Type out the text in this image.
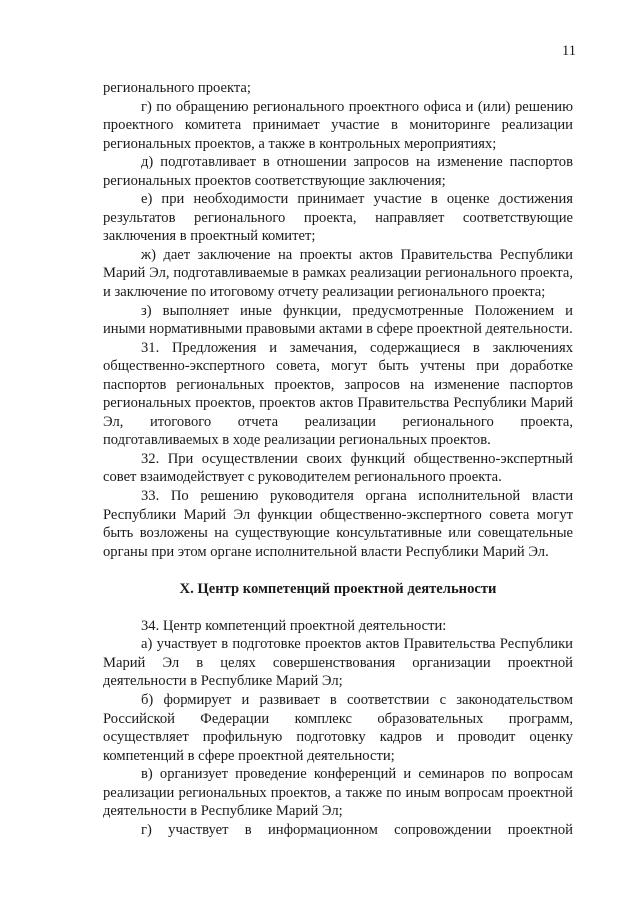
11

регионального проекта;

г) по обращению регионального проектного офиса и (или) решению проектного комитета принимает участие в мониторинге реализации региональных проектов, а также в контрольных мероприятиях;

д) подготавливает в отношении запросов на изменение паспортов региональных проектов соответствующие заключения;

е) при необходимости принимает участие в оценке достижения результатов регионального проекта, направляет соответствующие заключения в проектный комитет;

ж) дает заключение на проекты актов Правительства Республики Марий Эл, подготавливаемые в рамках реализации регионального проекта, и заключение по итоговому отчету реализации регионального проекта;

з) выполняет иные функции, предусмотренные Положением и иными нормативными правовыми актами в сфере проектной деятельности.

31. Предложения и замечания, содержащиеся в заключениях общественно-экспертного совета, могут быть учтены при доработке паспортов региональных проектов, запросов на изменение паспортов региональных проектов, проектов актов Правительства Республики Марий Эл, итогового отчета реализации регионального проекта, подготавливаемых в ходе реализации региональных проектов.

32. При осуществлении своих функций общественно-экспертный совет взаимодействует с руководителем регионального проекта.

33. По решению руководителя органа исполнительной власти Республики Марий Эл функции общественно-экспертного совета могут быть возложены на существующие консультативные или совещательные органы при этом органе исполнительной власти Республики Марий Эл.

X. Центр компетенций проектной деятельности

34. Центр компетенций проектной деятельности:

а) участвует в подготовке проектов актов Правительства Республики Марий Эл в целях совершенствования организации проектной деятельности в Республике Марий Эл;

б) формирует и развивает в соответствии с законодательством Российской Федерации комплекс образовательных программ, осуществляет профильную подготовку кадров и проводит оценку компетенций в сфере проектной деятельности;

в) организует проведение конференций и семинаров по вопросам реализации региональных проектов, а также по иным вопросам проектной деятельности в Республике Марий Эл;

г) участвует в информационном сопровождении проектной
